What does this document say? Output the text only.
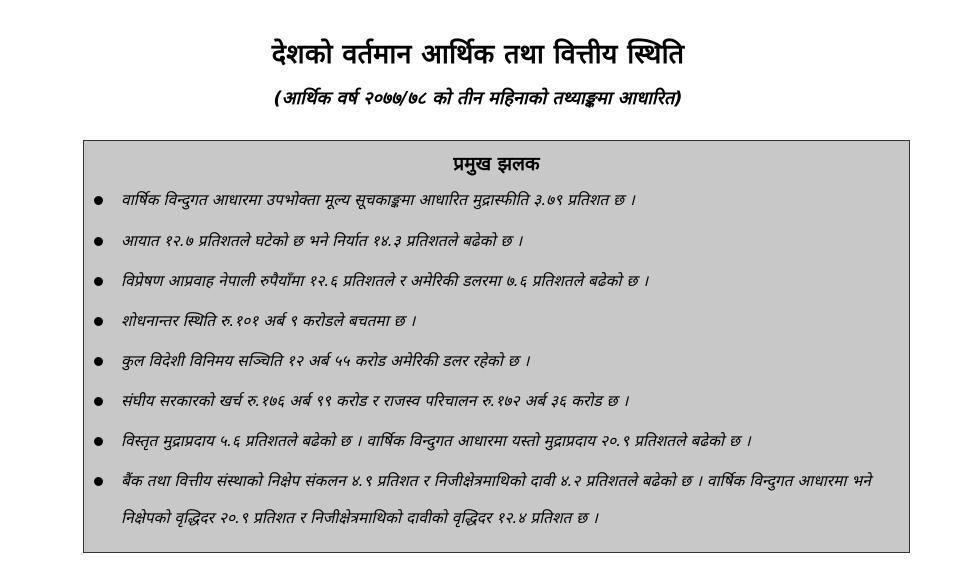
देशको वर्तमान आर्थिक तथा वित्तीय स्थिति
(आर्थिक वर्ष २०७७/७८ को तीन महिनाको तथ्याङ्कमा आधारित)
प्रमुख झलक
वार्षिक विन्दुगत आधारमा उपभोक्ता मूल्य सूचकाङ्कमा आधारित मुद्रास्फीति ३.७९ प्रतिशत छ ।
आयात १२.७ प्रतिशतले घटेको छ भने निर्यात १४.३ प्रतिशतले बढेको छ ।
विप्रेषण आप्रवाह नेपाली रुपैयाँमा १२.६ प्रतिशतले र अमेरिकी डलरमा ७.६ प्रतिशतले बढेको छ ।
शोधनान्तर स्थिति रु.१०१ अर्ब ९ करोडले बचतमा छ ।
कुल विदेशी विनिमय सञ्चिति १२ अर्ब ५५ करोड अमेरिकी डलर रहेको छ ।
संघीय सरकारको खर्च रु.१७६ अर्ब ९९ करोड र राजस्व परिचालन रु.१७२ अर्ब ३६ करोड छ ।
विस्तृत मुद्राप्रदाय ५.६ प्रतिशतले बढेको छ । वार्षिक विन्दुगत आधारमा यस्तो मुद्राप्रदाय २०.९ प्रतिशतले बढेको छ ।
बैंक तथा वित्तीय संस्थाको निक्षेप संकलन ४.९ प्रतिशत र निजीक्षेत्रमाथिको दावी ४.२ प्रतिशतले बढेको छ । वार्षिक विन्दुगत आधारमा भने निक्षेपको वृद्धिदर २०.९ प्रतिशत र निजीक्षेत्रमाथिको दावीको वृद्धिदर १२.४ प्रतिशत छ ।
